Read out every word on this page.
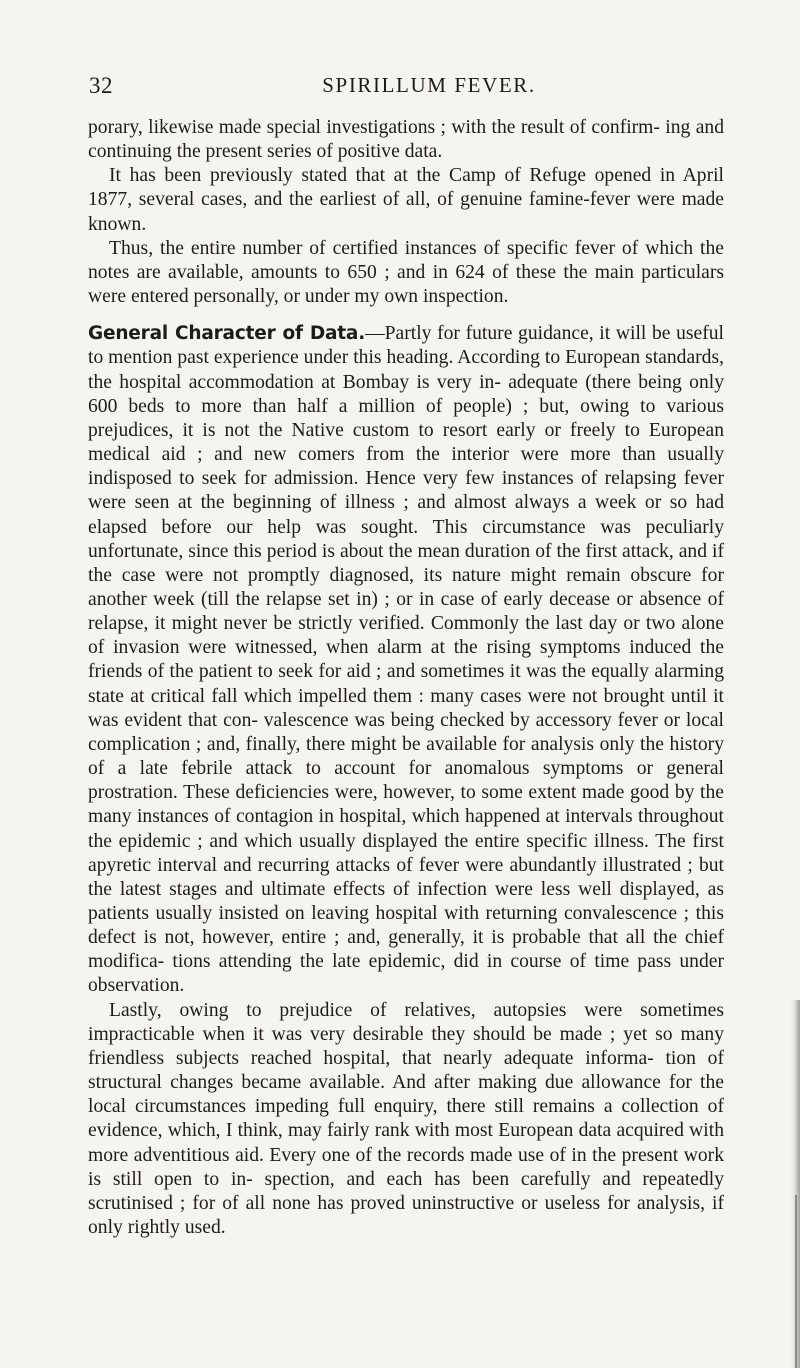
32	SPIRILLUM FEVER.

porary, likewise made special investigations ; with the result of confirm- ing and continuing the present series of positive data.

It has been previously stated that at the Camp of Refuge opened in April 1877, several cases, and the earliest of all, of genuine famine-fever were made known.

Thus, the entire number of certified instances of specific fever of which the notes are available, amounts to 650 ; and in 624 of these the main particulars were entered personally, or under my own inspection.

General Character of Data.—Partly for future guidance, it will be useful to mention past experience under this heading. According to European standards, the hospital accommodation at Bombay is very in- adequate (there being only 600 beds to more than half a million of people) ; but, owing to various prejudices, it is not the Native custom to resort early or freely to European medical aid ; and new comers from the interior were more than usually indisposed to seek for admission. Hence very few instances of relapsing fever were seen at the beginning of illness ; and almost always a week or so had elapsed before our help was sought. This circumstance was peculiarly unfortunate, since this period is about the mean duration of the first attack, and if the case were not promptly diagnosed, its nature might remain obscure for another week (till the relapse set in) ; or in case of early decease or absence of relapse, it might never be strictly verified. Commonly the last day or two alone of invasion were witnessed, when alarm at the rising symptoms induced the friends of the patient to seek for aid ; and sometimes it was the equally alarming state at critical fall which impelled them : many cases were not brought until it was evident that con- valescence was being checked by accessory fever or local complication ; and, finally, there might be available for analysis only the history of a late febrile attack to account for anomalous symptoms or general prostration. These deficiencies were, however, to some extent made good by the many instances of contagion in hospital, which happened at intervals throughout the epidemic ; and which usually displayed the entire specific illness. The first apyretic interval and recurring attacks of fever were abundantly illustrated ; but the latest stages and ultimate effects of infection were less well displayed, as patients usually insisted on leaving hospital with returning convalescence ; this defect is not, however, entire ; and, generally, it is probable that all the chief modifica- tions attending the late epidemic, did in course of time pass under observation.

Lastly, owing to prejudice of relatives, autopsies were sometimes impracticable when it was very desirable they should be made ; yet so many friendless subjects reached hospital, that nearly adequate informa- tion of structural changes became available. And after making due allowance for the local circumstances impeding full enquiry, there still remains a collection of evidence, which, I think, may fairly rank with most European data acquired with more adventitious aid. Every one of the records made use of in the present work is still open to in- spection, and each has been carefully and repeatedly scrutinised ; for of all none has proved uninstructive or useless for analysis, if only rightly used.
